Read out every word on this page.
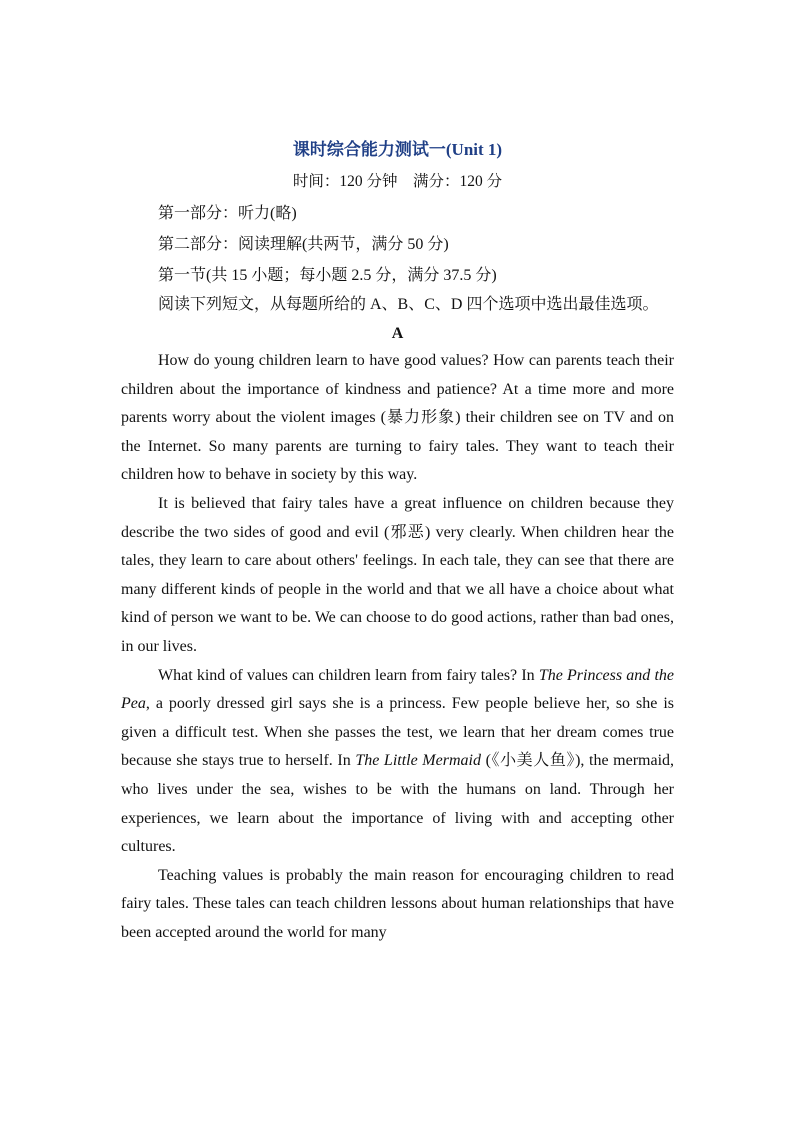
课时综合能力测试一(Unit 1)
时间：120 分钟　满分：120 分
第一部分：听力(略)
第二部分：阅读理解(共两节，满分 50 分)
第一节(共 15 小题；每小题 2.5 分，满分 37.5 分)
阅读下列短文，从每题所给的 A、B、C、D 四个选项中选出最佳选项。
A

How do young children learn to have good values? How can parents teach their children about the importance of kindness and patience? At a time more and more parents worry about the violent images (暴力形象) their children see on TV and on the Internet. So many parents are turning to fairy tales. They want to teach their children how to behave in society by this way.

It is believed that fairy tales have a great influence on children because they describe the two sides of good and evil (邪恶) very clearly. When children hear the tales, they learn to care about others' feelings. In each tale, they can see that there are many different kinds of people in the world and that we all have a choice about what kind of person we want to be. We can choose to do good actions, rather than bad ones, in our lives.

What kind of values can children learn from fairy tales? In The Princess and the Pea, a poorly dressed girl says she is a princess. Few people believe her, so she is given a difficult test. When she passes the test, we learn that her dream comes true because she stays true to herself. In The Little Mermaid (《小美人鱼》), the mermaid, who lives under the sea, wishes to be with the humans on land. Through her experiences, we learn about the importance of living with and accepting other cultures.

Teaching values is probably the main reason for encouraging children to read fairy tales. These tales can teach children lessons about human relationships that have been accepted around the world for many
